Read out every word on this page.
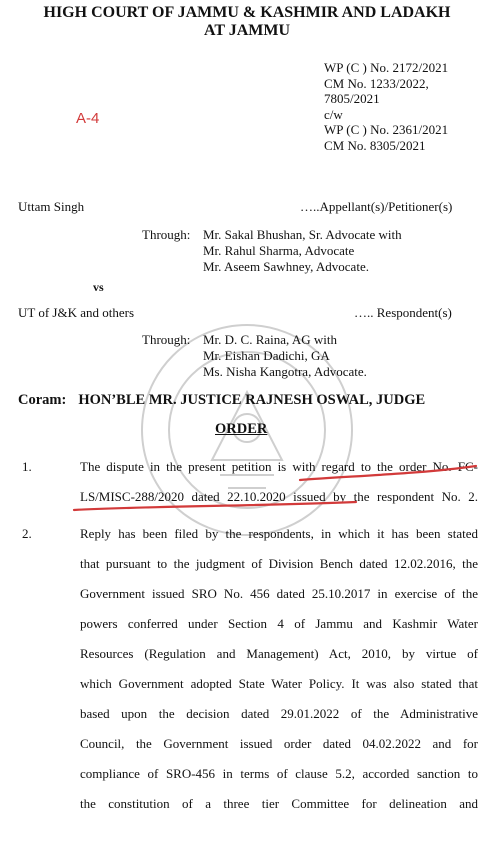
HIGH COURT OF JAMMU & KASHMIR AND LADAKH
AT JAMMU
WP (C ) No. 2172/2021
CM No. 1233/2022,
7805/2021
c/w
WP (C ) No. 2361/2021
CM No. 8305/2021
A-4
Uttam Singh	…..Appellant(s)/Petitioner(s)
Through: Mr. Sakal Bhushan, Sr. Advocate with
Mr. Rahul Sharma, Advocate
Mr. Aseem Sawhney, Advocate.
vs
UT of J&K and others	….. Respondent(s)
Through: Mr. D. C. Raina, AG with
Mr. Eishan Dadichi, GA
Ms. Nisha Kangotra, Advocate.
Coram: HON’BLE MR. JUSTICE RAJNESH OSWAL, JUDGE
ORDER
1.	The dispute in the present petition is with regard to the order No. FC-
LS/MISC-288/2020 dated 22.10.2020 issued by the respondent No. 2.
2.	Reply has been filed by the respondents, in which it has been stated
that pursuant to the judgment of Division Bench dated 12.02.2016, the
Government issued SRO No. 456 dated 25.10.2017 in exercise of the
powers conferred under Section 4 of Jammu and Kashmir Water
Resources (Regulation and Management) Act, 2010, by virtue of
which Government adopted State Water Policy. It was also stated that
based upon the decision dated 29.01.2022 of the Administrative
Council, the Government issued order dated 04.02.2022 and for
compliance of SRO-456 in terms of clause 5.2, accorded sanction to
the constitution of a three tier Committee for delineation and
